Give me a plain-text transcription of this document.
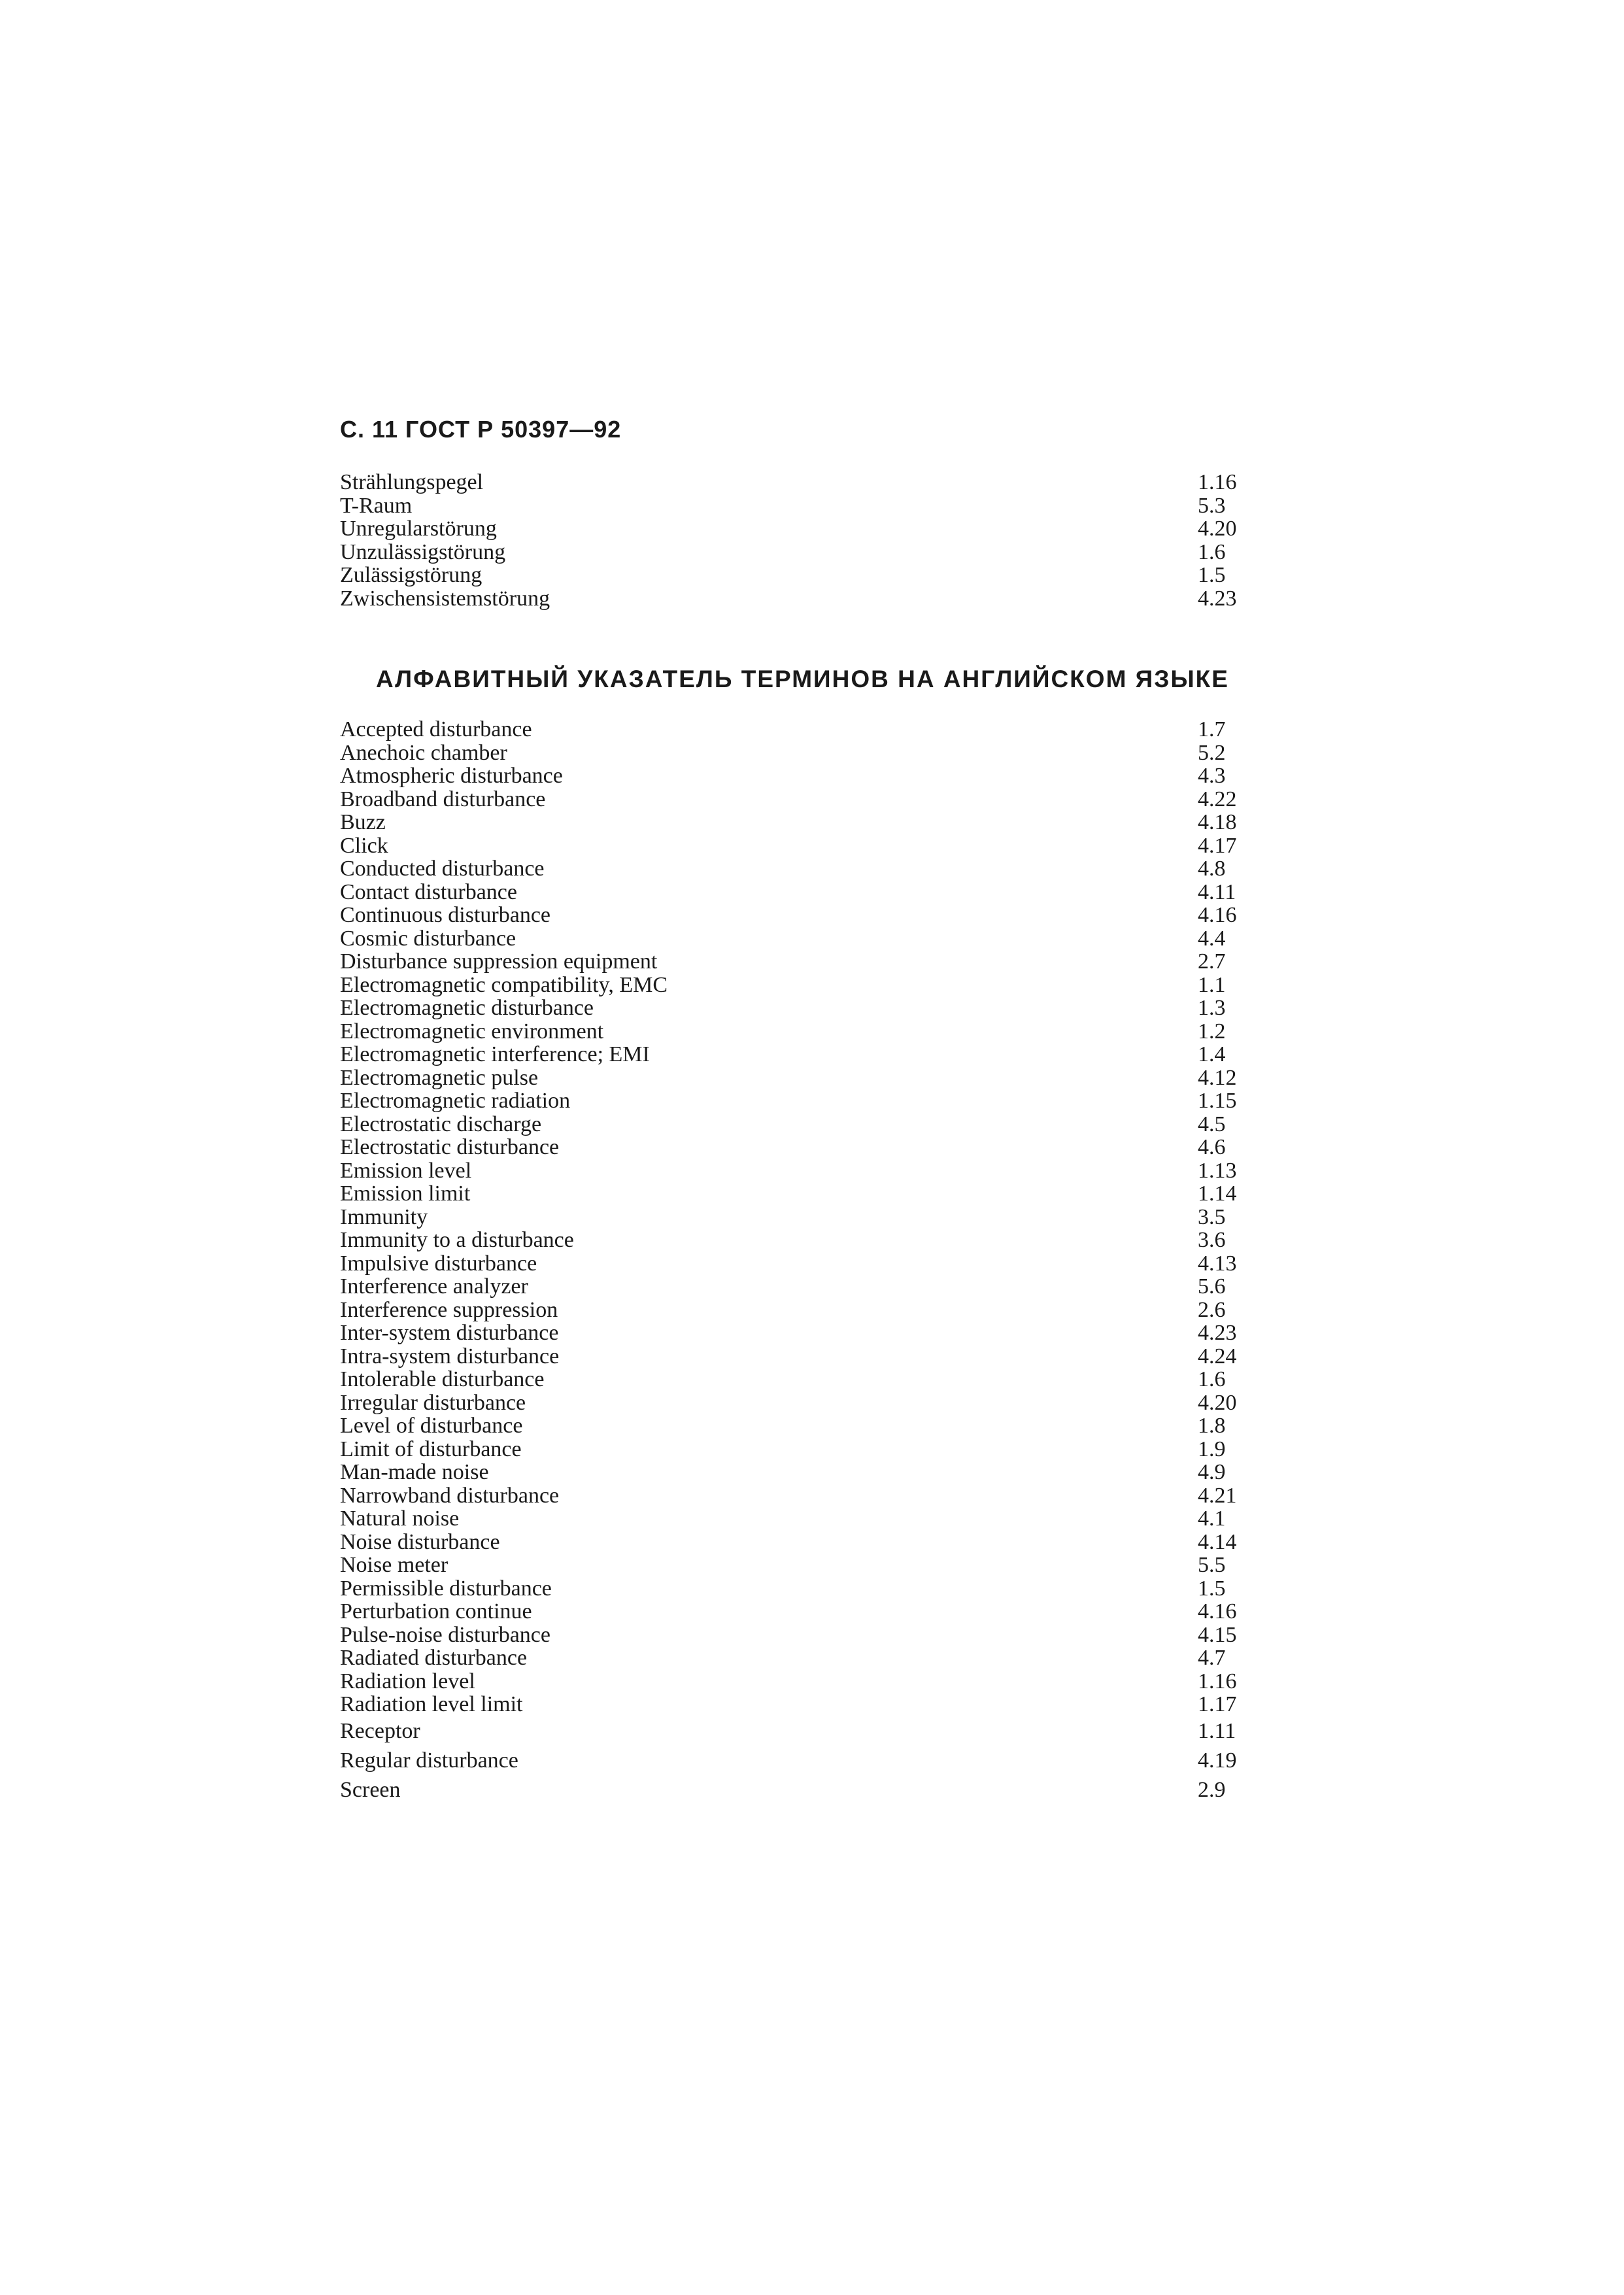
С. 11 ГОСТ Р 50397—92
Strählungspegel	1.16
T-Raum	5.3
Unregularstörung	4.20
Unzulässigstörung	1.6
Zulässigstörung	1.5
Zwischensistemstörung	4.23
АЛФАВИТНЫЙ УКАЗАТЕЛЬ ТЕРМИНОВ НА АНГЛИЙСКОМ ЯЗЫКЕ
Accepted disturbance	1.7
Anechoic chamber	5.2
Atmospheric disturbance	4.3
Broadband disturbance	4.22
Buzz	4.18
Click	4.17
Conducted disturbance	4.8
Contact disturbance	4.11
Continuous disturbance	4.16
Cosmic disturbance	4.4
Disturbance suppression equipment	2.7
Electromagnetic compatibility, EMC	1.1
Electromagnetic disturbance	1.3
Electromagnetic environment	1.2
Electromagnetic interference; EMI	1.4
Electromagnetic pulse	4.12
Electromagnetic radiation	1.15
Electrostatic discharge	4.5
Electrostatic disturbance	4.6
Emission level	1.13
Emission limit	1.14
Immunity	3.5
Immunity to a disturbance	3.6
Impulsive disturbance	4.13
Interference analyzer	5.6
Interference suppression	2.6
Inter-system disturbance	4.23
Intra-system disturbance	4.24
Intolerable disturbance	1.6
Irregular disturbance	4.20
Level of disturbance	1.8
Limit of disturbance	1.9
Man-made noise	4.9
Narrowband disturbance	4.21
Natural noise	4.1
Noise disturbance	4.14
Noise meter	5.5
Permissible disturbance	1.5
Perturbation continue	4.16
Pulse-noise disturbance	4.15
Radiated disturbance	4.7
Radiation level	1.16
Radiation level limit	1.17
Receptor	1.11
Regular disturbance	4.19
Screen	2.9
